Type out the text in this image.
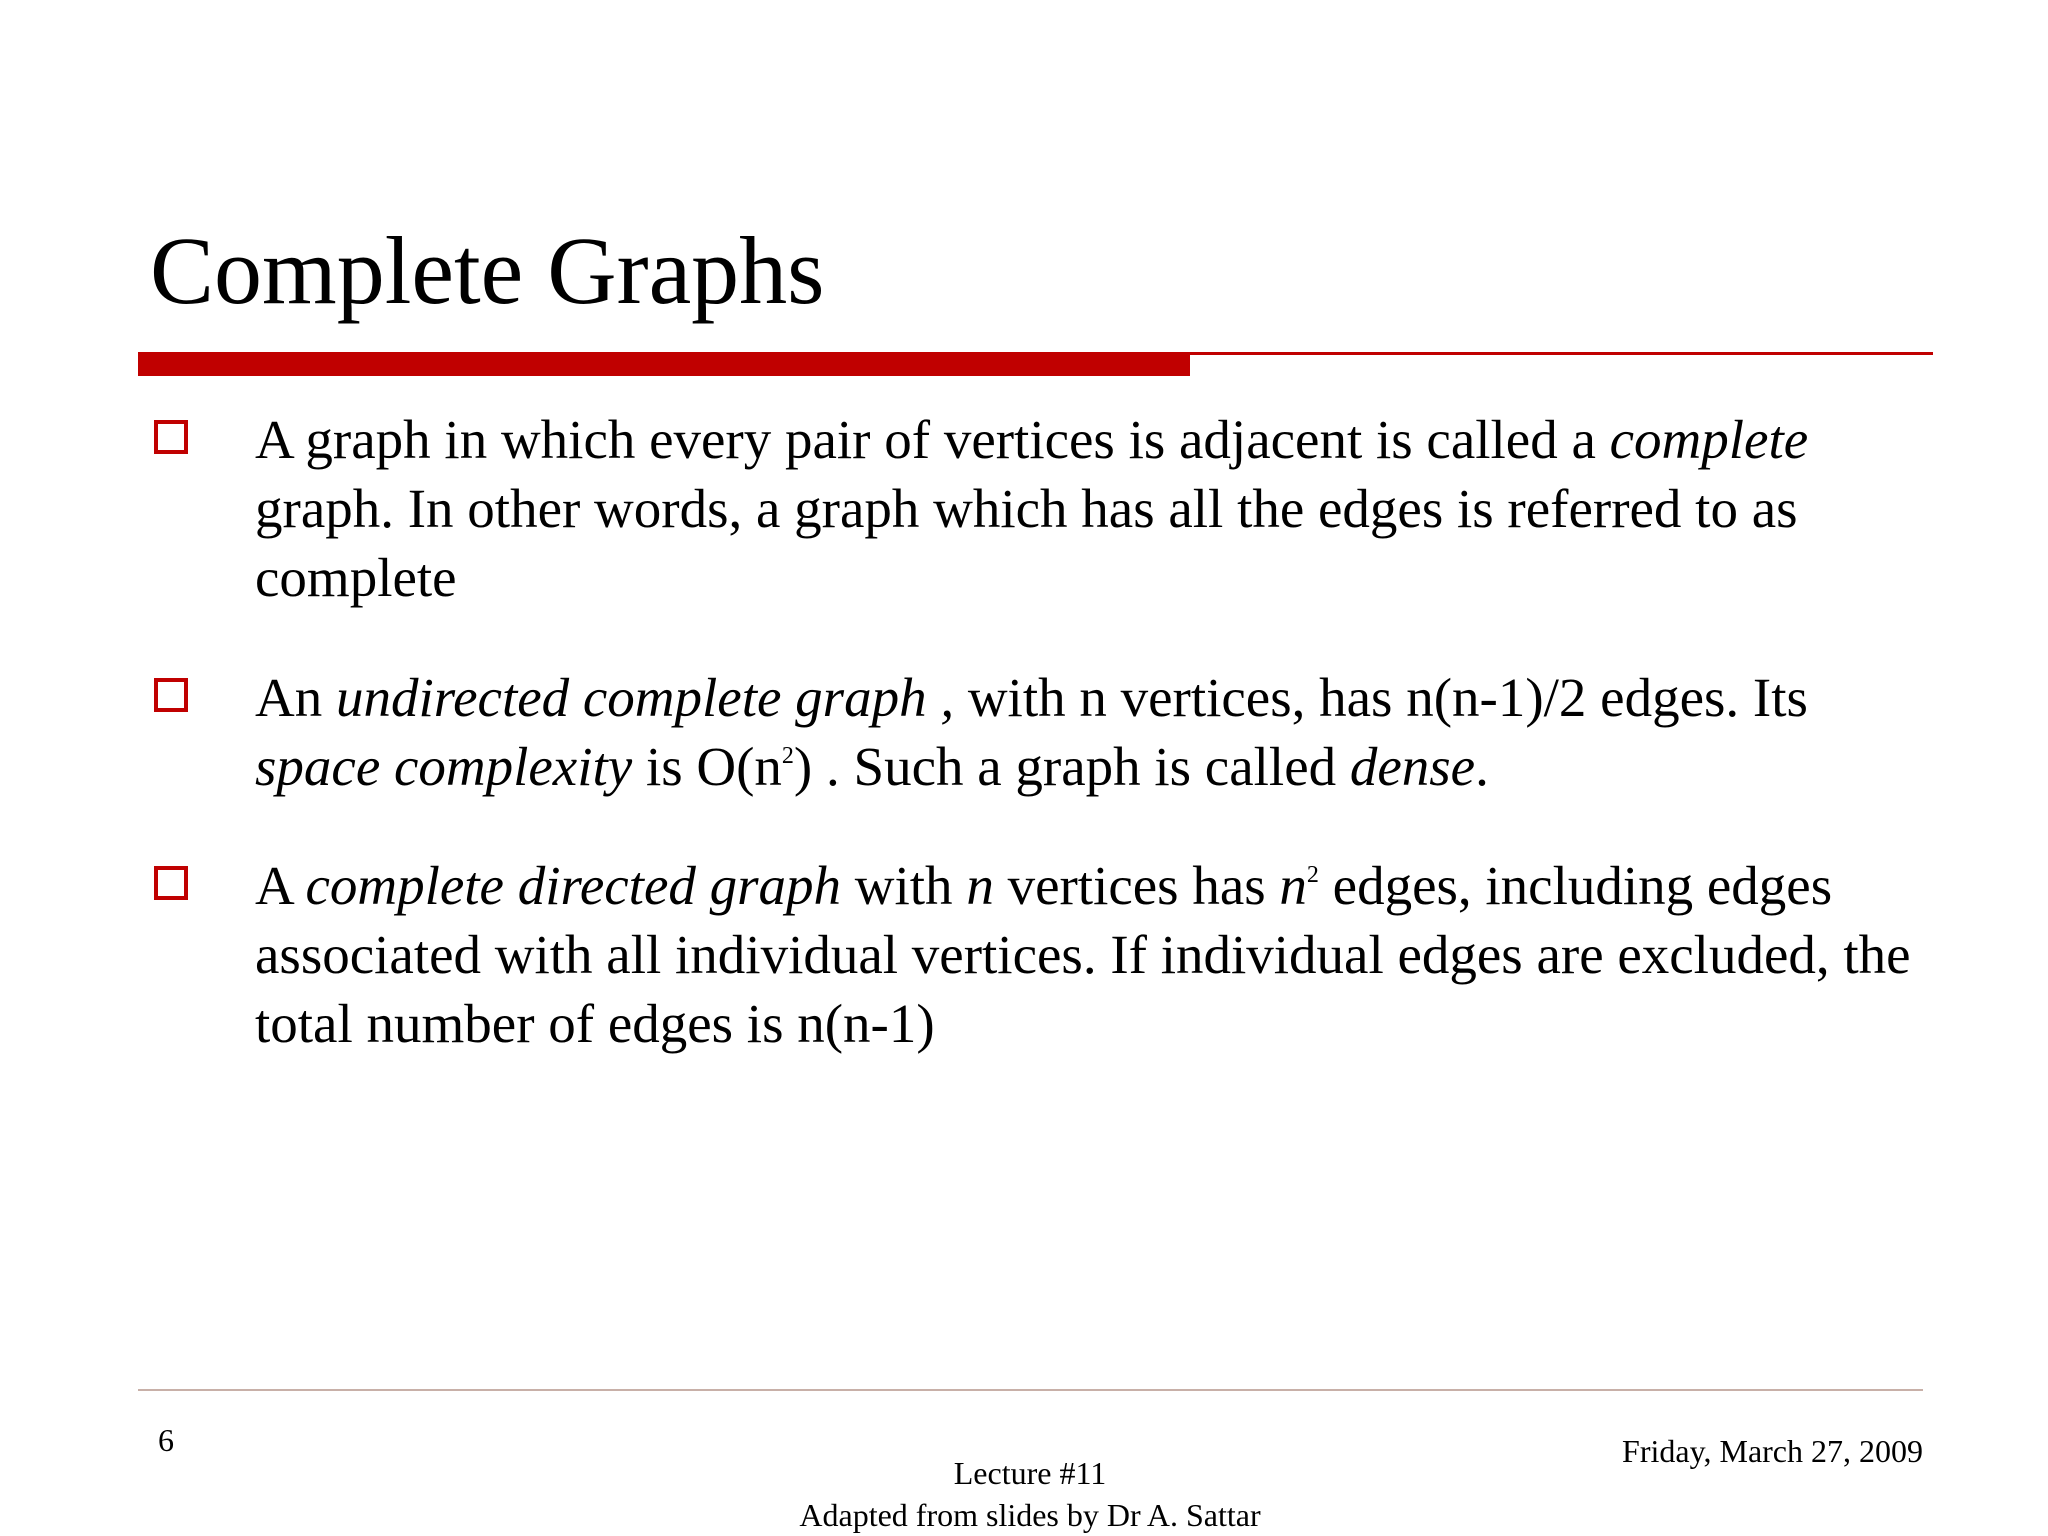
Complete Graphs
A graph in which every pair of vertices is adjacent is called a complete graph. In other words, a graph which has all the edges is referred to as complete
An undirected complete graph , with n vertices, has n(n-1)/2 edges. Its space complexity is $O(n^2)$ . Such a graph is called dense.
A complete directed graph with n vertices has $n^2$ edges, including edges associated with all individual vertices. If individual edges are excluded, the total number of edges is n(n-1)
6
Lecture #11
Adapted from slides by Dr A. Sattar
Friday, March 27, 2009
